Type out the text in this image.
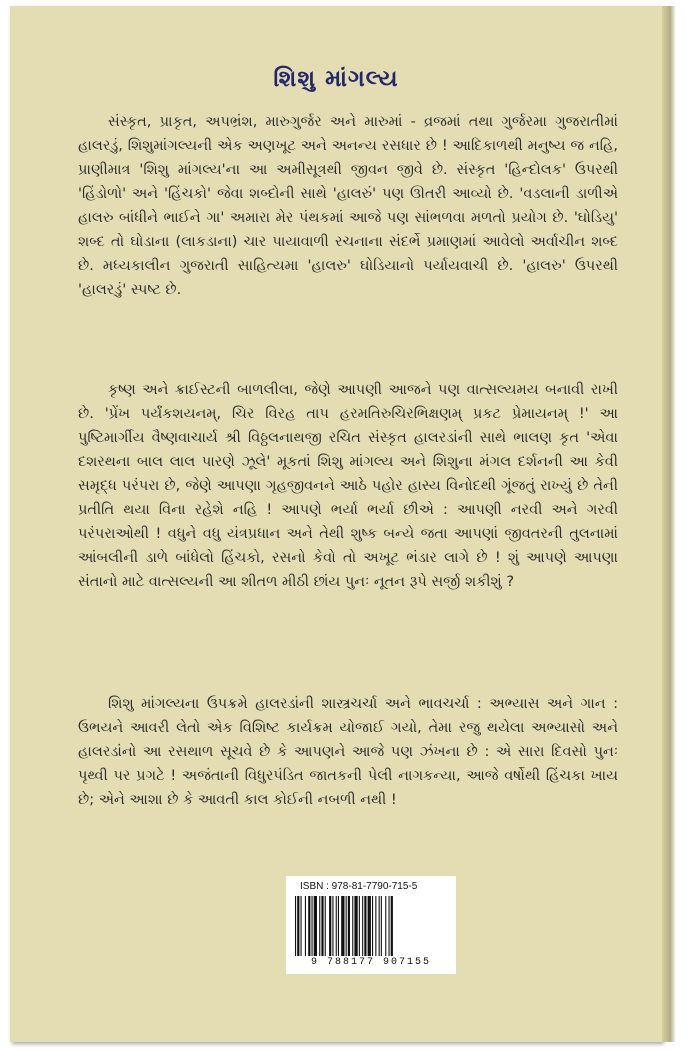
શિશુ માંગલ્ય

સંસ્કૃત, પ્રાકૃત, અપભ્રંશ, મારુગુર્જર અને મારુમાં - વ્રજમાં તથા ગુર્જરમા ગુજરાતીમાં હાલરડું, શિશુમાંગલ્યની એક અણખૂટ અને અનન્ય રસધાર છે ! આદિકાળથી મનુષ્ય જ નહિ, પ્રાણીમાત્ર 'શિશુ માંગલ્ય'ના આ અમીસૂત્રથી જીવન જીવે છે. સંસ્કૃત 'હિન્દોલક' ઉપરથી 'હિંડોળો' અને 'હિંચકો' જેવા શબ્દોની સાથે 'હાલરું' પણ ઊતરી આવ્યો છે. 'વડલાની ડાળીએ હાલરુ બાંધીને ભાઈને ગા' અમારા મેર પંથકમાં આજે પણ સાંભળવા મળતો પ્રયોગ છે. 'ઘોડિયુ' શબ્દ તો ઘોડાના (લાકડાના) ચાર પાયાવાળી રચનાના સંદર્ભે પ્રમાણમાં આવેલો અર્વાચીન શબ્દ છે. મધ્યકાલીન ગુજરાતી સાહિત્યમા 'હાલરુ' ઘોડિયાનો પર્યાયવાચી છે. 'હાલરુ' ઉપરથી 'હાલરડું' સ્પષ્ટ છે.

કૃષ્ણ અને ક્રાઈસ્ટની બાળલીલા, જેણે આપણી આજને પણ વાત્સલ્યમય બનાવી રાખી છે. 'પ્રેંખ પર્યંકશયનમ્, ચિર વિરહ તાપ હરમતિરુચિરભિક્ષણમ્ પ્રકટ પ્રેમાયનમ્ !' આ પુષ્ટિમાર્ગીય વૈષ્ણવાચાર્ય શ્રી વિઠ્ઠલનાથજી રચિત સંસ્કૃત હાલરડાંની સાથે ભાલણ કૃત 'એવા દશરથના બાલ લાલ પારણે ઝૂલે' મૂકતાં શિશુ માંગલ્ય અને શિશુના મંગલ દર્શનની આ કેવી સમૃદ્ધ પરંપરા છે, જેણે આપણા ગૃહજીવનને આઠે પહોર હાસ્ય વિનોદથી ગૂંજતું રાખ્યું છે તેની પ્રતીતિ થયા વિના રહેશે નહિ ! આપણે ભર્યા ભર્યા છીએ : આપણી નરવી અને ગરવી પરંપરાઓથી ! વધુને વધુ યંત્રપ્રધાન અને તેથી શુષ્ક બન્યે જતા આપણાં જીવતરની તુલનામાં આંબલીની ડાળે બાંધેલો હિંચકો, રસનો કેવો તો અખૂટ ભંડાર લાગે છે ! શું આપણે આપણા સંતાનો માટે વાત્સલ્યની આ શીતળ મીઠી છાંય પુનઃ નૂતન રૂપે સર્જી શકીશું ?

શિશુ માંગલ્યના ઉપક્રમે હાલરડાંની શાસ્ત્રચર્ચા અને ભાવચર્ચા : અભ્યાસ અને ગાન : ઉભયને આવરી લેતો એક વિશિષ્ટ કાર્યક્રમ યોજાઈ ગયો, તેમા રજુ થયેલા અભ્યાસો અને હાલરડાંનો આ રસથાળ સૂચવે છે કે આપણને આજે પણ ઝંખના છે : એ સારા દિવસો પુનઃ પૃથ્વી પર પ્રગટે ! અજંતાની વિધુરપંડિત જાતકની પેલી નાગકન્યા, આજે વર્ષોથી હિંચકા ખાય છે; એને આશા છે કે આવતી કાલ કોઈની નબળી નથી !

ISBN : 978-81-7790-715-5
9 788177 907155
